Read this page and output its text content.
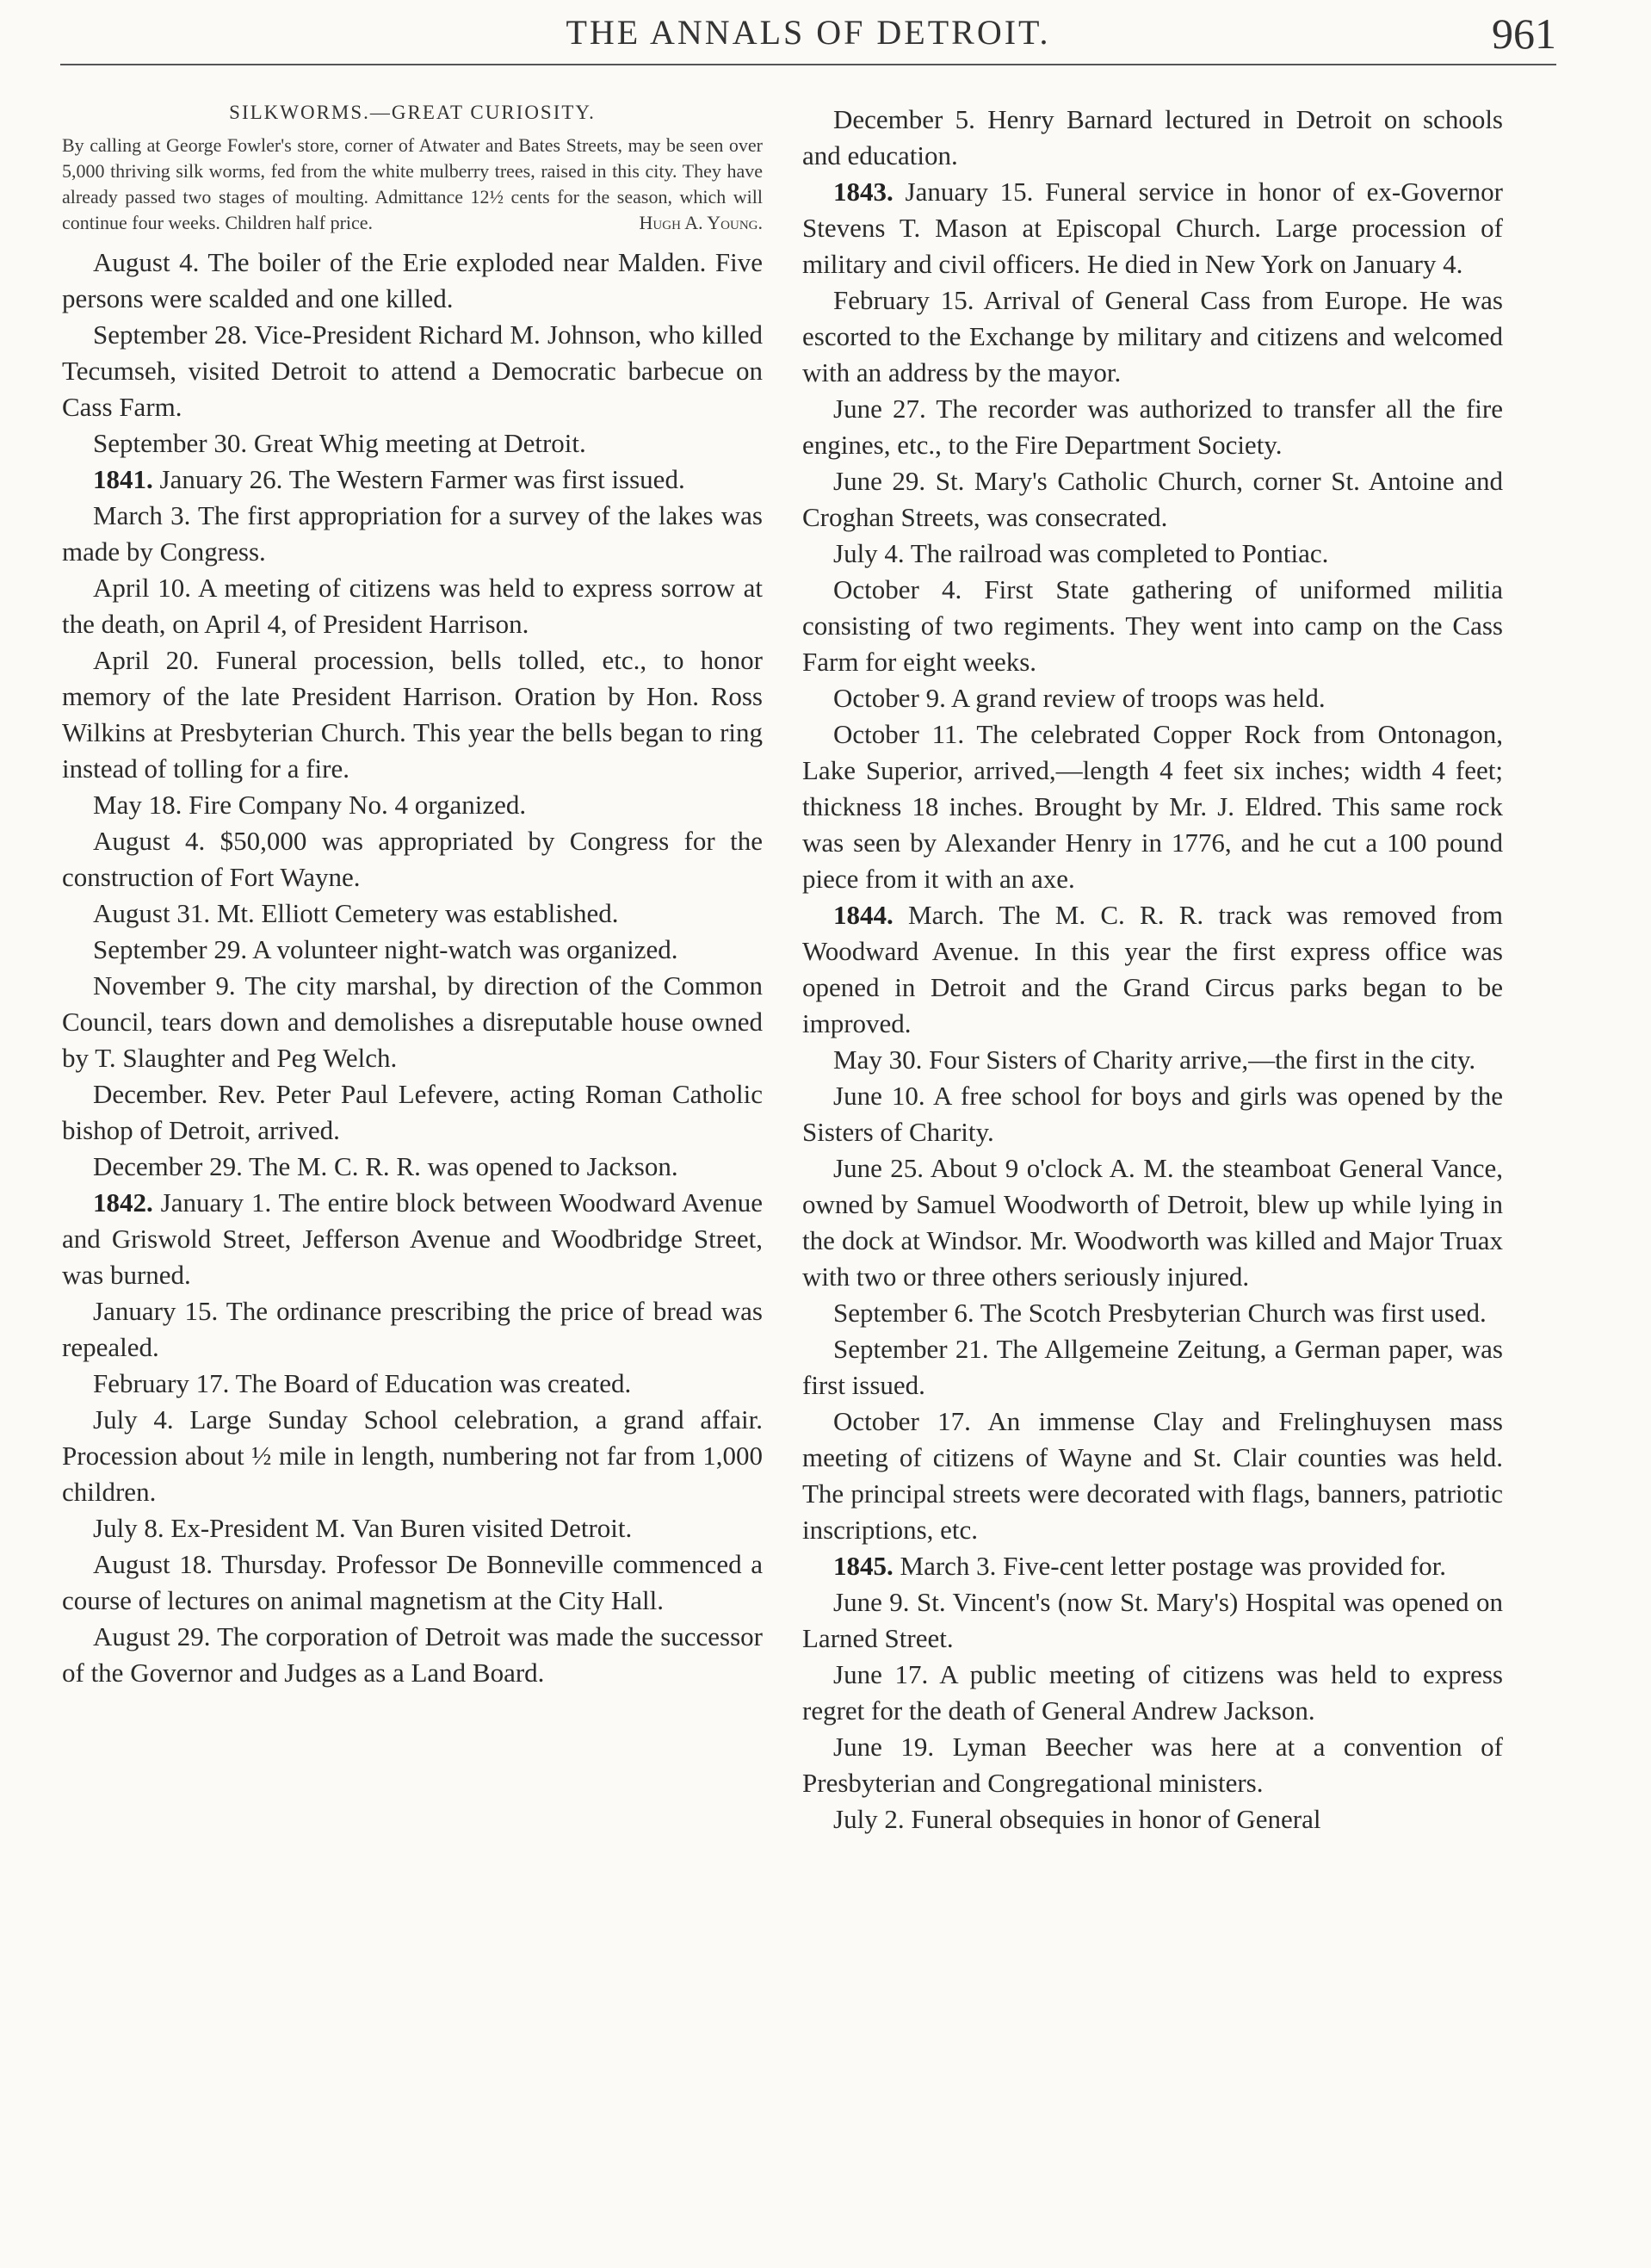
THE ANNALS OF DETROIT.	961
SILKWORMS.—GREAT CURIOSITY.

By calling at George Fowler's store, corner of Atwater and Bates Streets, may be seen over 5,000 thriving silk worms, fed from the white mulberry trees, raised in this city. They have already passed two stages of moulting. Admittance 12½ cents for the season, which will continue four weeks. Children half price.	Hugh A. Young.

August 4. The boiler of the Erie exploded near Malden. Five persons were scalded and one killed.

September 28. Vice-President Richard M. Johnson, who killed Tecumseh, visited Detroit to attend a Democratic barbecue on Cass Farm.

September 30. Great Whig meeting at Detroit.

1841. January 26. The Western Farmer was first issued.

March 3. The first appropriation for a survey of the lakes was made by Congress.

April 10. A meeting of citizens was held to express sorrow at the death, on April 4, of President Harrison.

April 20. Funeral procession, bells tolled, etc., to honor memory of the late President Harrison. Oration by Hon. Ross Wilkins at Presbyterian Church. This year the bells began to ring instead of tolling for a fire.

May 18. Fire Company No. 4 organized.

August 4. $50,000 was appropriated by Congress for the construction of Fort Wayne.

August 31. Mt. Elliott Cemetery was established.

September 29. A volunteer night-watch was organized.

November 9. The city marshal, by direction of the Common Council, tears down and demolishes a disreputable house owned by T. Slaughter and Peg Welch.

December. Rev. Peter Paul Lefevere, acting Roman Catholic bishop of Detroit, arrived.

December 29. The M. C. R. R. was opened to Jackson.

1842. January 1. The entire block between Woodward Avenue and Griswold Street, Jefferson Avenue and Woodbridge Street, was burned.

January 15. The ordinance prescribing the price of bread was repealed.

February 17. The Board of Education was created.

July 4. Large Sunday School celebration, a grand affair. Procession about ½ mile in length, numbering not far from 1,000 children.

July 8. Ex-President M. Van Buren visited Detroit.

August 18. Thursday. Professor De Bonneville commenced a course of lectures on animal magnetism at the City Hall.

August 29. The corporation of Detroit was made the successor of the Governor and Judges as a Land Board.

December 5. Henry Barnard lectured in Detroit on schools and education.

1843. January 15. Funeral service in honor of ex-Governor Stevens T. Mason at Episcopal Church. Large procession of military and civil officers. He died in New York on January 4.

February 15. Arrival of General Cass from Europe. He was escorted to the Exchange by military and citizens and welcomed with an address by the mayor.

June 27. The recorder was authorized to transfer all the fire engines, etc., to the Fire Department Society.

June 29. St. Mary's Catholic Church, corner St. Antoine and Croghan Streets, was consecrated.

July 4. The railroad was completed to Pontiac.

October 4. First State gathering of uniformed militia consisting of two regiments. They went into camp on the Cass Farm for eight weeks.

October 9. A grand review of troops was held.

October 11. The celebrated Copper Rock from Ontonagon, Lake Superior, arrived,—length 4 feet six inches; width 4 feet; thickness 18 inches. Brought by Mr. J. Eldred. This same rock was seen by Alexander Henry in 1776, and he cut a 100 pound piece from it with an axe.

1844. March. The M. C. R. R. track was removed from Woodward Avenue. In this year the first express office was opened in Detroit and the Grand Circus parks began to be improved.

May 30. Four Sisters of Charity arrive,—the first in the city.

June 10. A free school for boys and girls was opened by the Sisters of Charity.

June 25. About 9 o'clock A. M. the steamboat General Vance, owned by Samuel Woodworth of Detroit, blew up while lying in the dock at Windsor. Mr. Woodworth was killed and Major Truax with two or three others seriously injured.

September 6. The Scotch Presbyterian Church was first used.

September 21. The Allgemeine Zeitung, a German paper, was first issued.

October 17. An immense Clay and Frelinghuysen mass meeting of citizens of Wayne and St. Clair counties was held. The principal streets were decorated with flags, banners, patriotic inscriptions, etc.

1845. March 3. Five-cent letter postage was provided for.

June 9. St. Vincent's (now St. Mary's) Hospital was opened on Larned Street.

June 17. A public meeting of citizens was held to express regret for the death of General Andrew Jackson.

June 19. Lyman Beecher was here at a convention of Presbyterian and Congregational ministers.

July 2. Funeral obsequies in honor of General
